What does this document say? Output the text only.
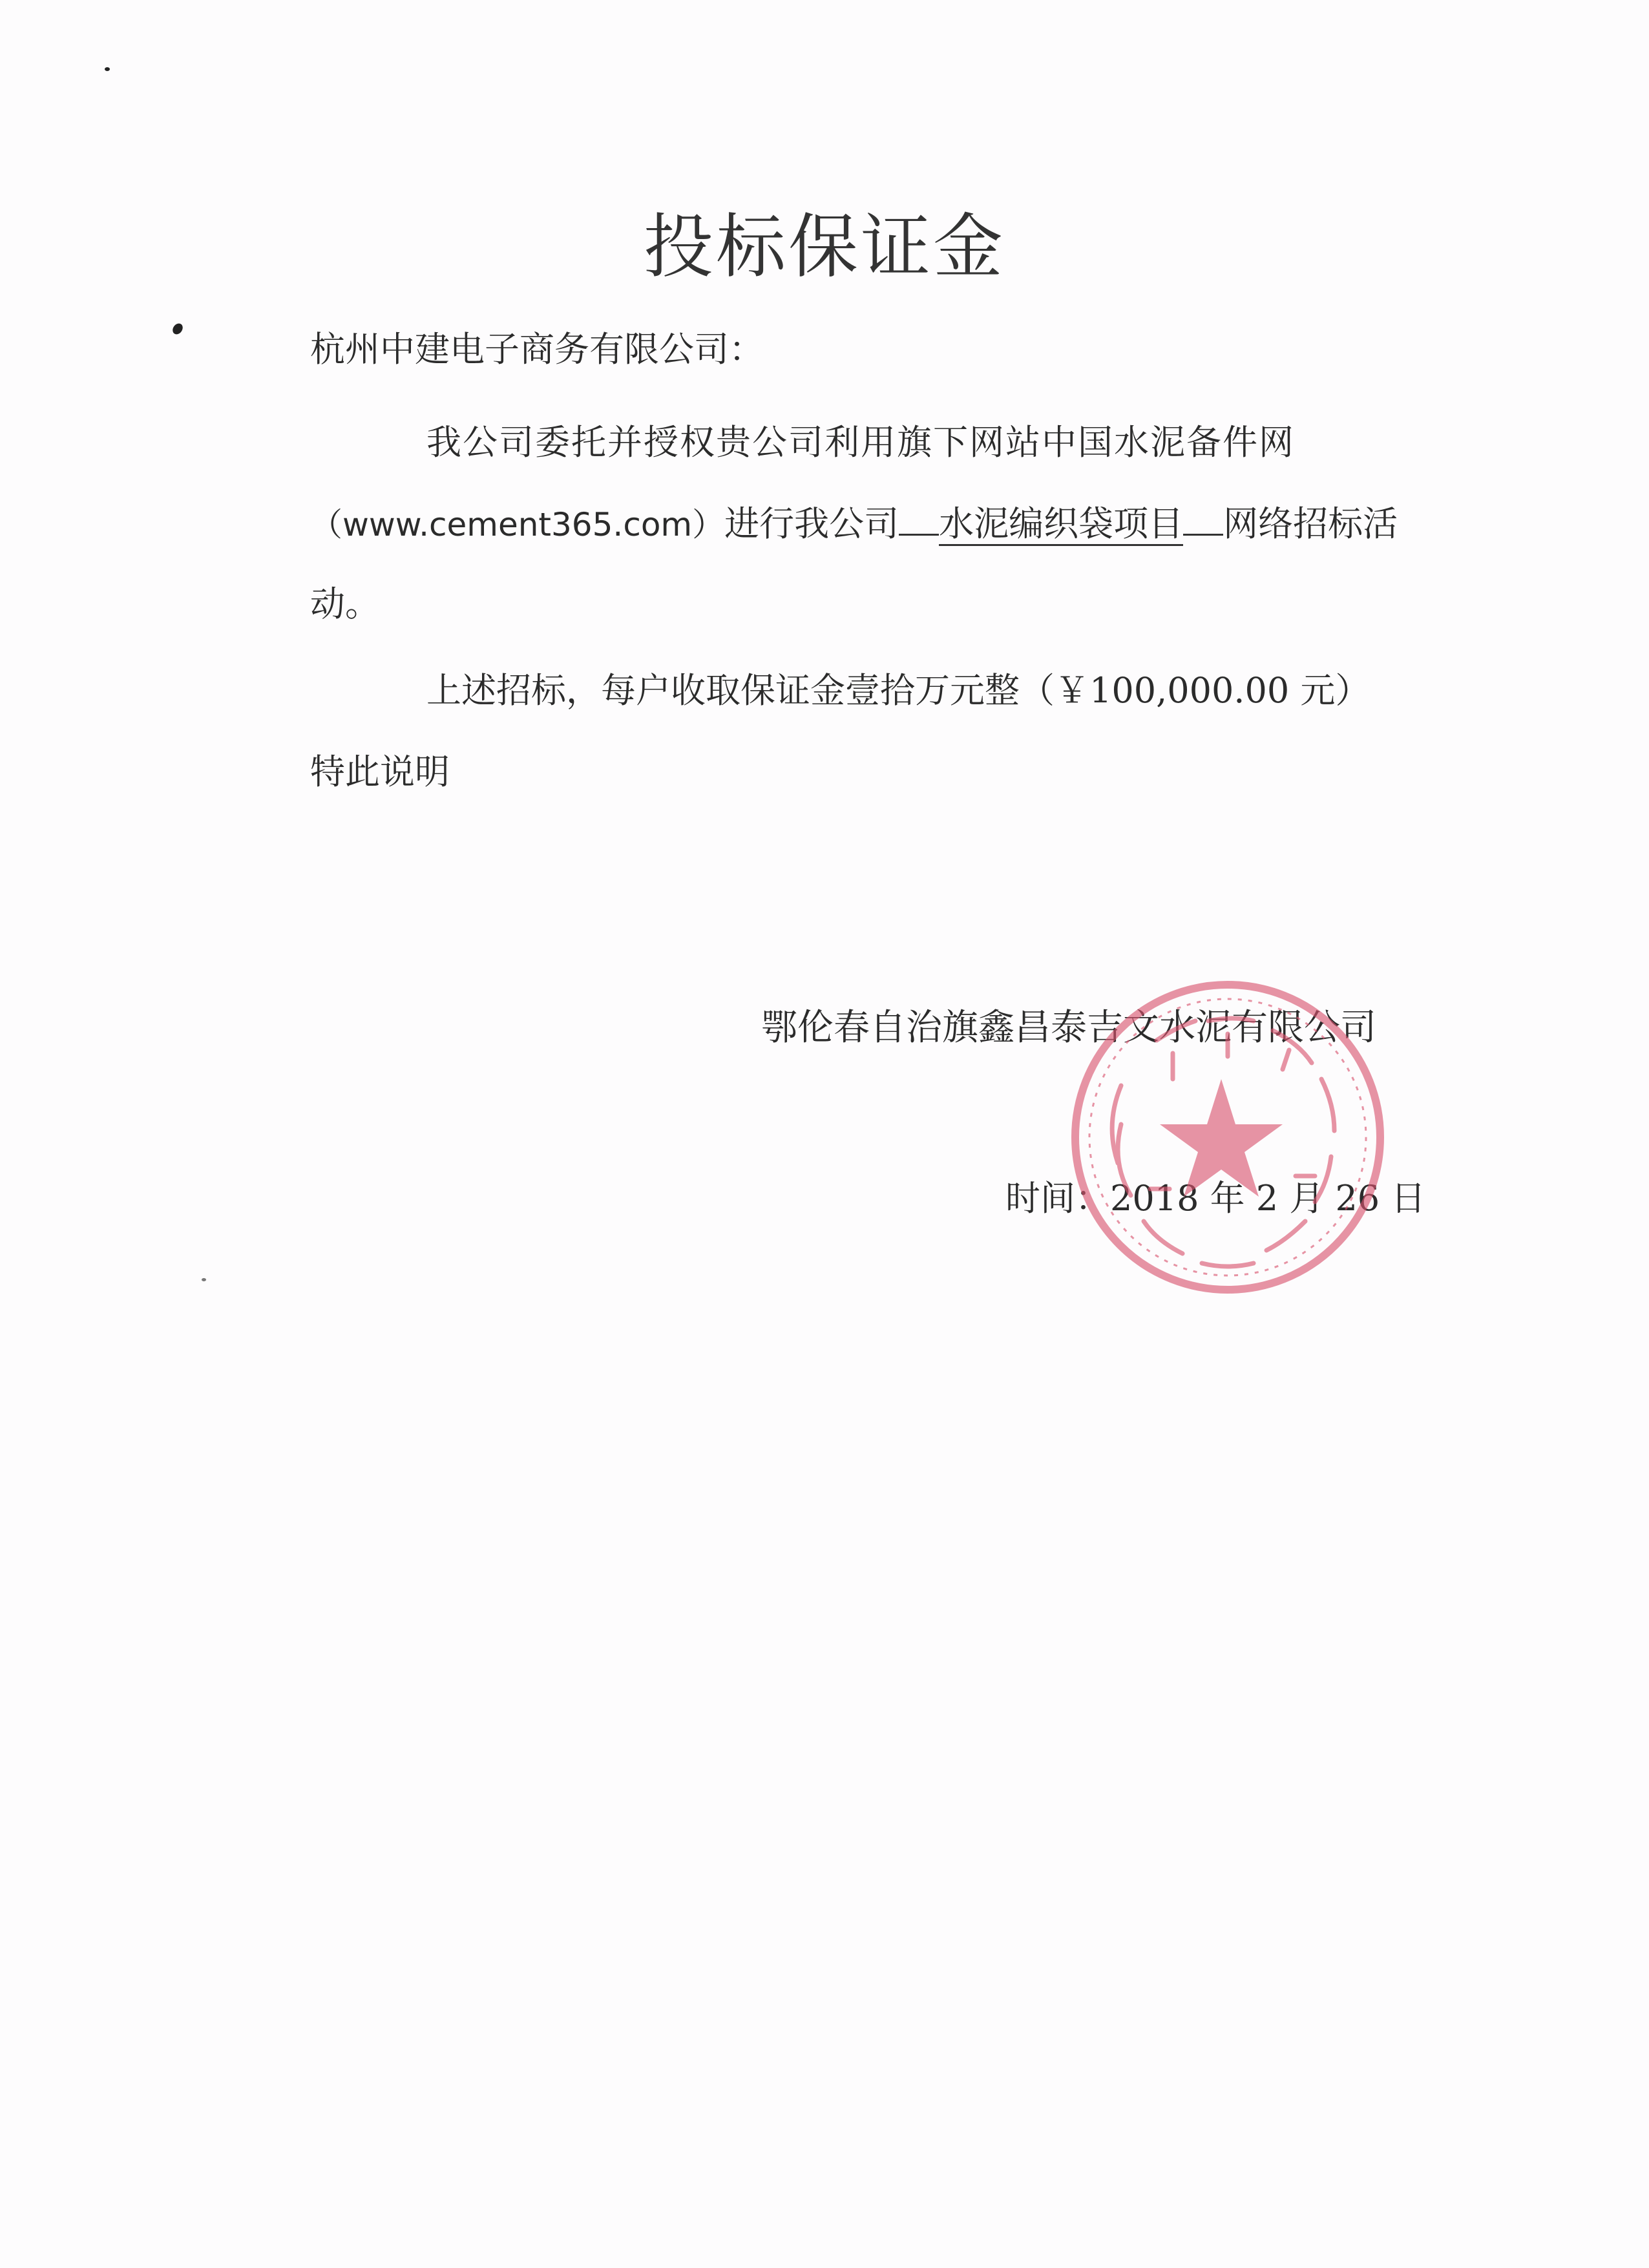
投标保证金
杭州中建电子商务有限公司：
我公司委托并授权贵公司利用旗下网站中国水泥备件网
（www.cement365.com）进行我公司 水泥编织袋项目 网络招标活
动。
上述招标，每户收取保证金壹拾万元整（￥100,000.00 元）
特此说明
鄂伦春自治旗鑫昌泰吉文水泥有限公司
时间：2018 年 2 月 26 日
